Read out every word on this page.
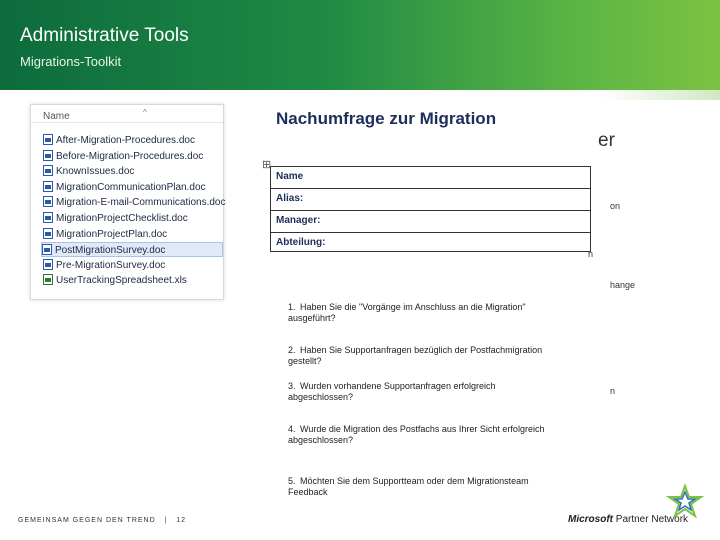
Administrative Tools
Migrations-Toolkit
Name	^
After-Migration-Procedures.doc
Before-Migration-Procedures.doc
KnownIssues.doc
MigrationCommunicationPlan.doc
Migration-E-mail-Communications.doc
MigrationProjectChecklist.doc
MigrationProjectPlan.doc
PostMigrationSurvey.doc
Pre-MigrationSurvey.doc
UserTrackingSpreadsheet.xls
Nachumfrage zur Migration
er
⊞
Name
Alias:
Manager:
Abteilung:
on
n
hange
n
1. Haben Sie die "Vorgänge im Anschluss an die Migration" ausgeführt?
2. Haben Sie Supportanfragen bezüglich der Postfachmigration gestellt?
3. Wurden vorhandene Supportanfragen erfolgreich abgeschlossen?
4. Wurde die Migration des Postfachs aus Ihrer Sicht erfolgreich abgeschlossen?
5. Möchten Sie dem Supportteam oder dem Migrationsteam Feedback
GEMEINSAM GEGEN DEN TREND | 12	Microsoft Partner Network
